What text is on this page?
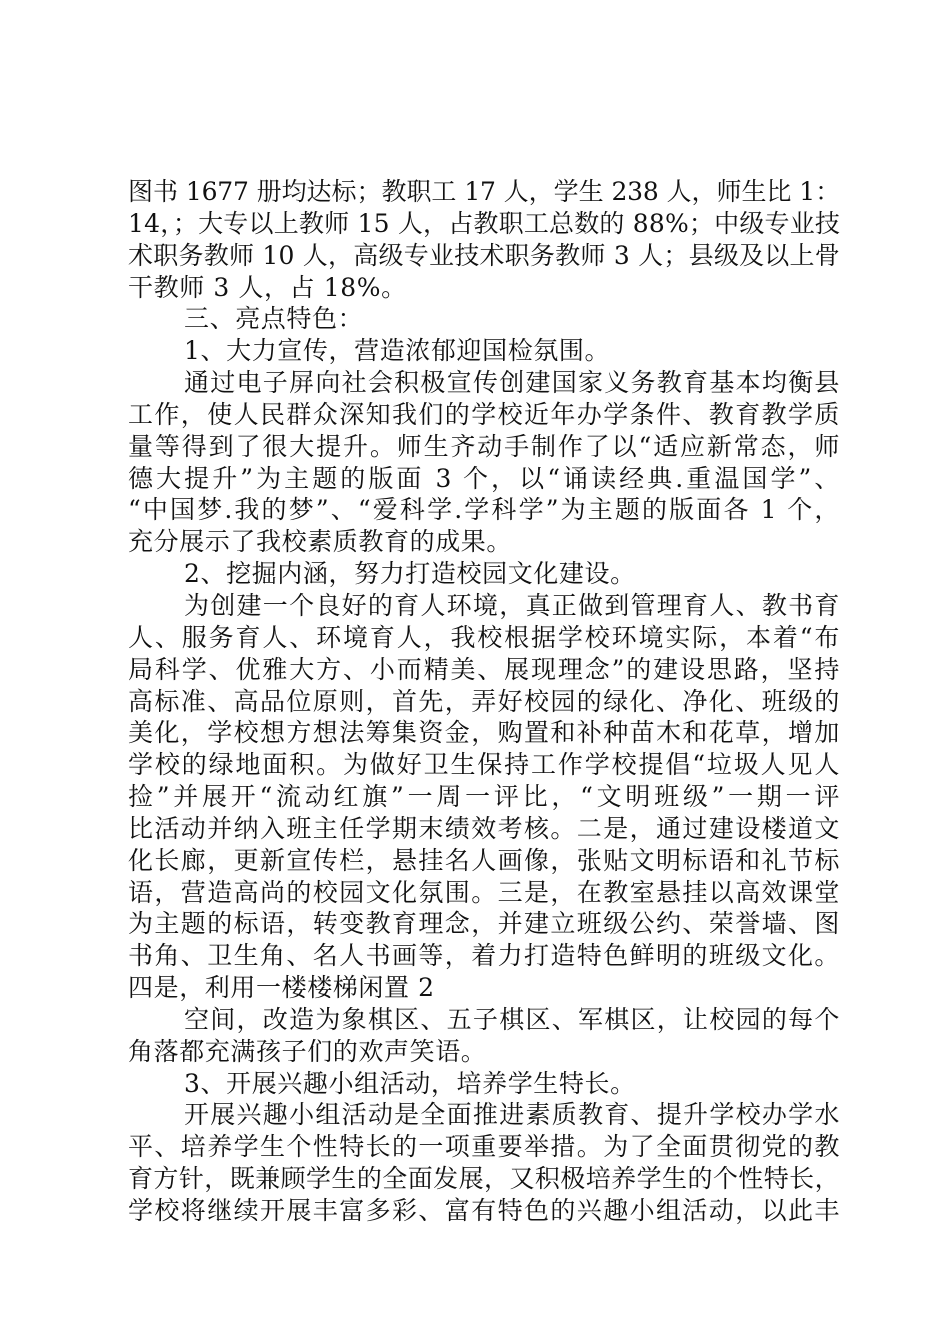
图书 1677 册均达标；教职工 17 人，学生 238 人，师生比 1：
14，；大专以上教师 15 人，占教职工总数的 88%；中级专业技
术职务教师 10 人，高级专业技术职务教师 3 人；县级及以上骨
干教师 3 人，占 18%。
三、亮点特色：
1、大力宣传，营造浓郁迎国检氛围。
通过电子屏向社会积极宣传创建国家义务教育基本均衡县
工作，使人民群众深知我们的学校近年办学条件、教育教学质
量等得到了很大提升。师生齐动手制作了以“适应新常态，师
德大提升”为主题的版面 3 个，以“诵读经典.重温国学”、
“中国梦.我的梦”、“爱科学.学科学”为主题的版面各 1 个，
充分展示了我校素质教育的成果。
2、挖掘内涵，努力打造校园文化建设。
为创建一个良好的育人环境，真正做到管理育人、教书育
人、服务育人、环境育人，我校根据学校环境实际，本着“布
局科学、优雅大方、小而精美、展现理念”的建设思路，坚持
高标准、高品位原则，首先，弄好校园的绿化、净化、班级的
美化，学校想方想法筹集资金，购置和补种苗木和花草，增加
学校的绿地面积。为做好卫生保持工作学校提倡“垃圾人见人
捡”并展开“流动红旗”一周一评比，“文明班级”一期一评
比活动并纳入班主任学期末绩效考核。二是，通过建设楼道文
化长廊，更新宣传栏，悬挂名人画像，张贴文明标语和礼节标
语，营造高尚的校园文化氛围。三是，在教室悬挂以高效课堂
为主题的标语，转变教育理念，并建立班级公约、荣誉墙、图
书角、卫生角、名人书画等，着力打造特色鲜明的班级文化。
四是，利用一楼楼梯闲置 2
空间，改造为象棋区、五子棋区、军棋区，让校园的每个
角落都充满孩子们的欢声笑语。
3、开展兴趣小组活动，培养学生特长。
开展兴趣小组活动是全面推进素质教育、提升学校办学水
平、培养学生个性特长的一项重要举措。为了全面贯彻党的教
育方针，既兼顾学生的全面发展，又积极培养学生的个性特长，
学校将继续开展丰富多彩、富有特色的兴趣小组活动，以此丰
